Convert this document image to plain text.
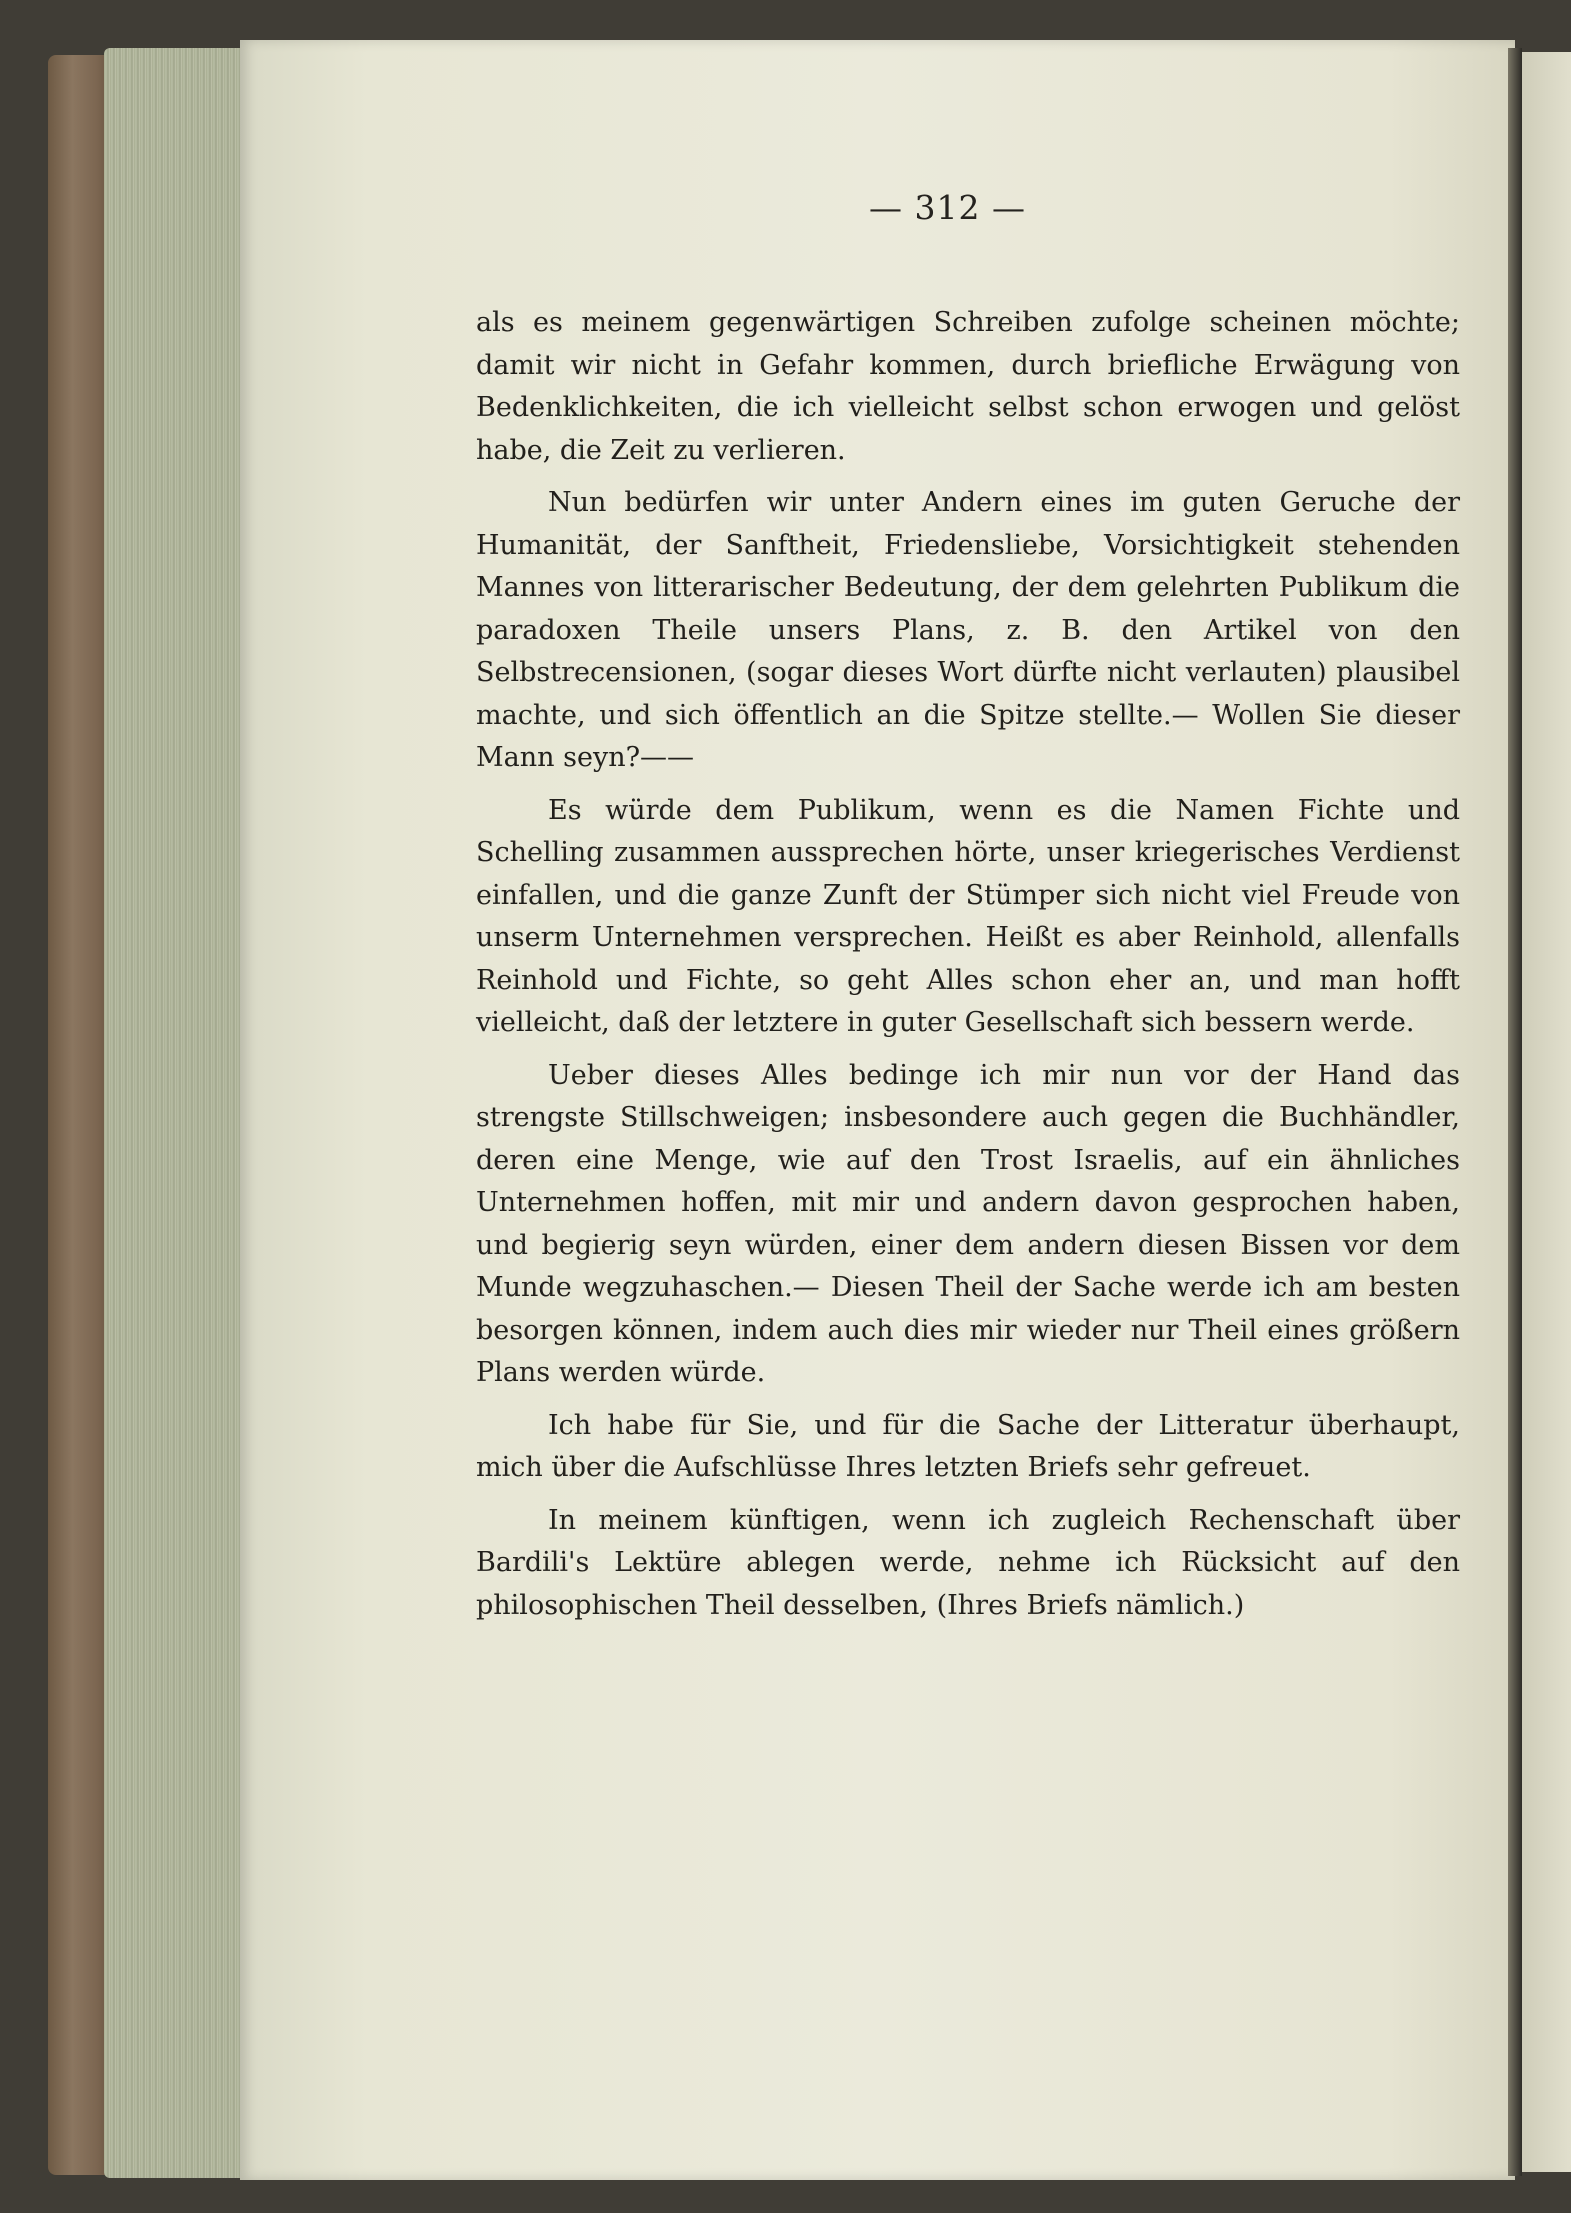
— 312 —

als es meinem gegenwärtigen Schreiben zufolge scheinen möchte; damit wir nicht in Gefahr kommen, durch briefliche Erwägung von Bedenklichkeiten, die ich vielleicht selbst schon erwogen und gelöst habe, die Zeit zu verlieren.

Nun bedürfen wir unter Andern eines im guten Geruche der Humanität, der Sanftheit, Friedensliebe, Vorsichtigkeit stehenden Mannes von litterarischer Bedeutung, der dem gelehrten Publikum die paradoxen Theile unsers Plans, z. B. den Artikel von den Selbstrecensionen, (sogar dieses Wort dürfte nicht verlauten) plausibel machte, und sich öffentlich an die Spitze stellte.— Wollen Sie dieser Mann seyn?——

Es würde dem Publikum, wenn es die Namen Fichte und Schelling zusammen aussprechen hörte, unser kriegerisches Verdienst einfallen, und die ganze Zunft der Stümper sich nicht viel Freude von unserm Unternehmen versprechen. Heißt es aber Reinhold, allenfalls Reinhold und Fichte, so geht Alles schon eher an, und man hofft vielleicht, daß der letztere in guter Gesellschaft sich bessern werde.

Ueber dieses Alles bedinge ich mir nun vor der Hand das strengste Stillschweigen; insbesondere auch gegen die Buchhändler, deren eine Menge, wie auf den Trost Israelis, auf ein ähnliches Unternehmen hoffen, mit mir und andern davon gesprochen haben, und begierig seyn würden, einer dem andern diesen Bissen vor dem Munde wegzuhaschen.— Diesen Theil der Sache werde ich am besten besorgen können, indem auch dies mir wieder nur Theil eines größern Plans werden würde.

Ich habe für Sie, und für die Sache der Litteratur überhaupt, mich über die Aufschlüsse Ihres letzten Briefs sehr gefreuet.

In meinem künftigen, wenn ich zugleich Rechenschaft über Bardili's Lektüre ablegen werde, nehme ich Rücksicht auf den philosophischen Theil desselben, (Ihres Briefs nämlich.)
